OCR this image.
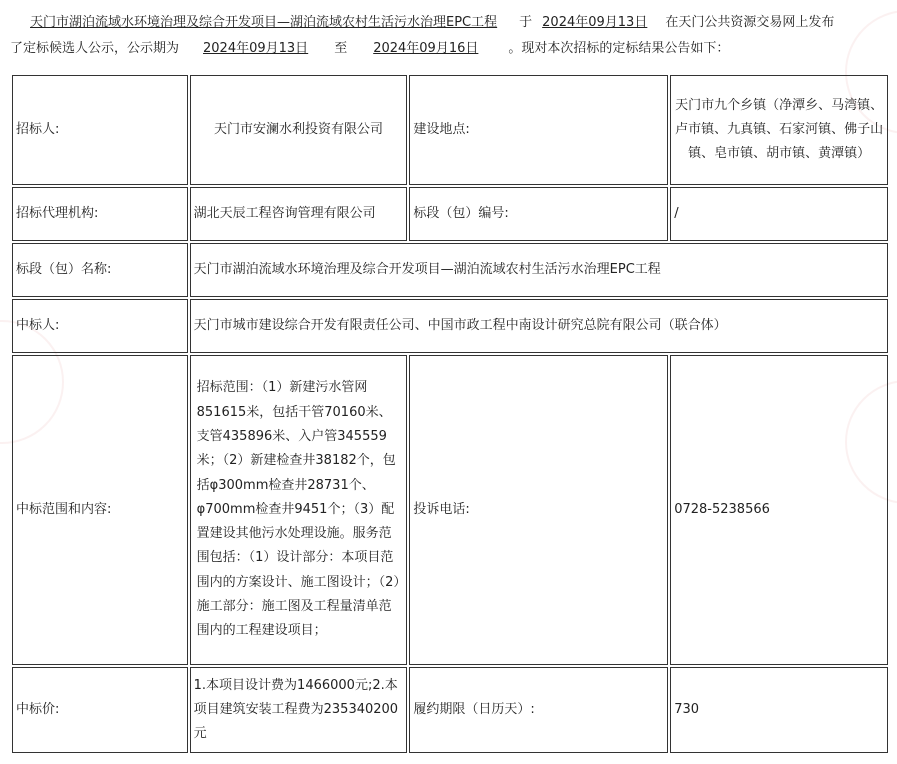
天门市湖泊流域水环境治理及综合开发项目—湖泊流域农村生活污水治理EPC工程 于 2024年09月13日 在天门公共资源交易网上发布
了定标候选人公示，公示期为 2024年09月13日 至 2024年09月16日 。现对本次招标的定标结果公告如下：
招标人:	天门市安澜水利投资有限公司	建设地点:	天门市九个乡镇（净潭乡、马湾镇、卢市镇、九真镇、石家河镇、佛子山镇、皂市镇、胡市镇、黄潭镇）
招标代理机构:	湖北天辰工程咨询管理有限公司	标段（包）编号:	/
标段（包）名称:	天门市湖泊流域水环境治理及综合开发项目—湖泊流域农村生活污水治理EPC工程		
中标人:	天门市城市建设综合开发有限责任公司、中国市政工程中南设计研究总院有限公司（联合体）		
中标范围和内容:	招标范围：（1）新建污水管网851615米，包括干管70160米、支管435896米、入户管345559米；（2）新建检查井38182个，包括φ300mm检查井28731个、φ700mm检查井9451个；（3）配置建设其他污水处理设施。服务范围包括：（1）设计部分：本项目范围内的方案设计、施工图设计；（2）施工部分：施工图及工程量清单范围内的工程建设项目；	投诉电话:	0728-5238566
中标价:	1.本项目设计费为1466000元;2.本项目建筑安装工程费为235340200元	履约期限（日历天）:	730
